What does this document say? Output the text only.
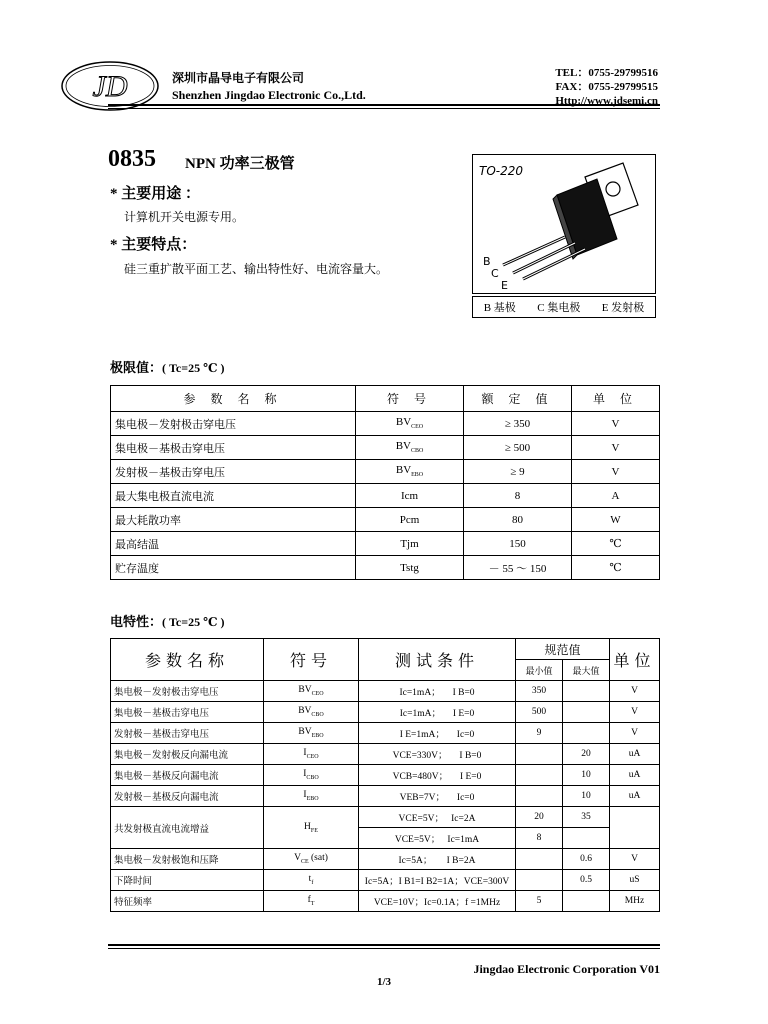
JD	深圳市晶导电子有限公司
Shenzhen Jingdao Electronic Co.,Ltd.
TEL：0755-29799516
FAX：0755-29799515
Http://www.jdsemi.cn
0835 NPN 功率三极管
* 主要用途 ：
计算机开关电源专用。
* 主要特点：
硅三重扩散平面工艺、输出特性好、电流容量大。
TO-220
B
C
E
B 基极 C 集电极 E 发射极
极限值：( Tc=25 ℃ )
参 数 名 称	符 号	额 定 值	单 位
集电极－发射极击穿电压	$BV_{CEO}$	≥ 350	V
集电极－基极击穿电压	$BV_{CBO}$	≥ 500	V
发射极－基极击穿电压	$BV_{EBO}$	≥ 9	V
最大集电极直流电流	Icm	8	A
最大耗散功率	Pcm	80	W
最高结温	Tjm	150	℃
贮存温度	Tstg	－ 55 ～ 150	℃
电特性：( Tc=25 ℃ )
参数名称	符号	测试条件	规范值		单位
			最小值	最大值	
集电极－发射极击穿电压	$BV_{CEO}$	Ic=1mA； I B=0	350		V
集电极－基极击穿电压	$BV_{CBO}$	Ic=1mA； I E=0	500		V
发射极－基极击穿电压	$BV_{EBO}$	I E=1mA； Ic=0	9		V
集电极－发射极反向漏电流	$I_{CEO}$	VCE=330V； I B=0		20	uA
集电极－基极反向漏电流	$I_{CBO}$	VCB=480V； I E=0		10	uA
发射极－基极反向漏电流	$I_{EBO}$	VEB=7V； Ic=0		10	uA
共发射极直流电流增益	$H_{FE}$	VCE=5V； Ic=2A	20	35	
		VCE=5V； Ic=1mA	8		
集电极－发射极饱和压降	$V_{CE}$ (sat)	Ic=5A；　　I B=2A		0.6	V
下降时间	$t_f$	Ic=5A；I B1=I B2=1A；VCE=300V		0.5	uS
特征频率	$f_T$	VCE=10V；Ic=0.1A；f =1MHz	5		MHz
Jingdao Electronic Corporation V01
1/3
